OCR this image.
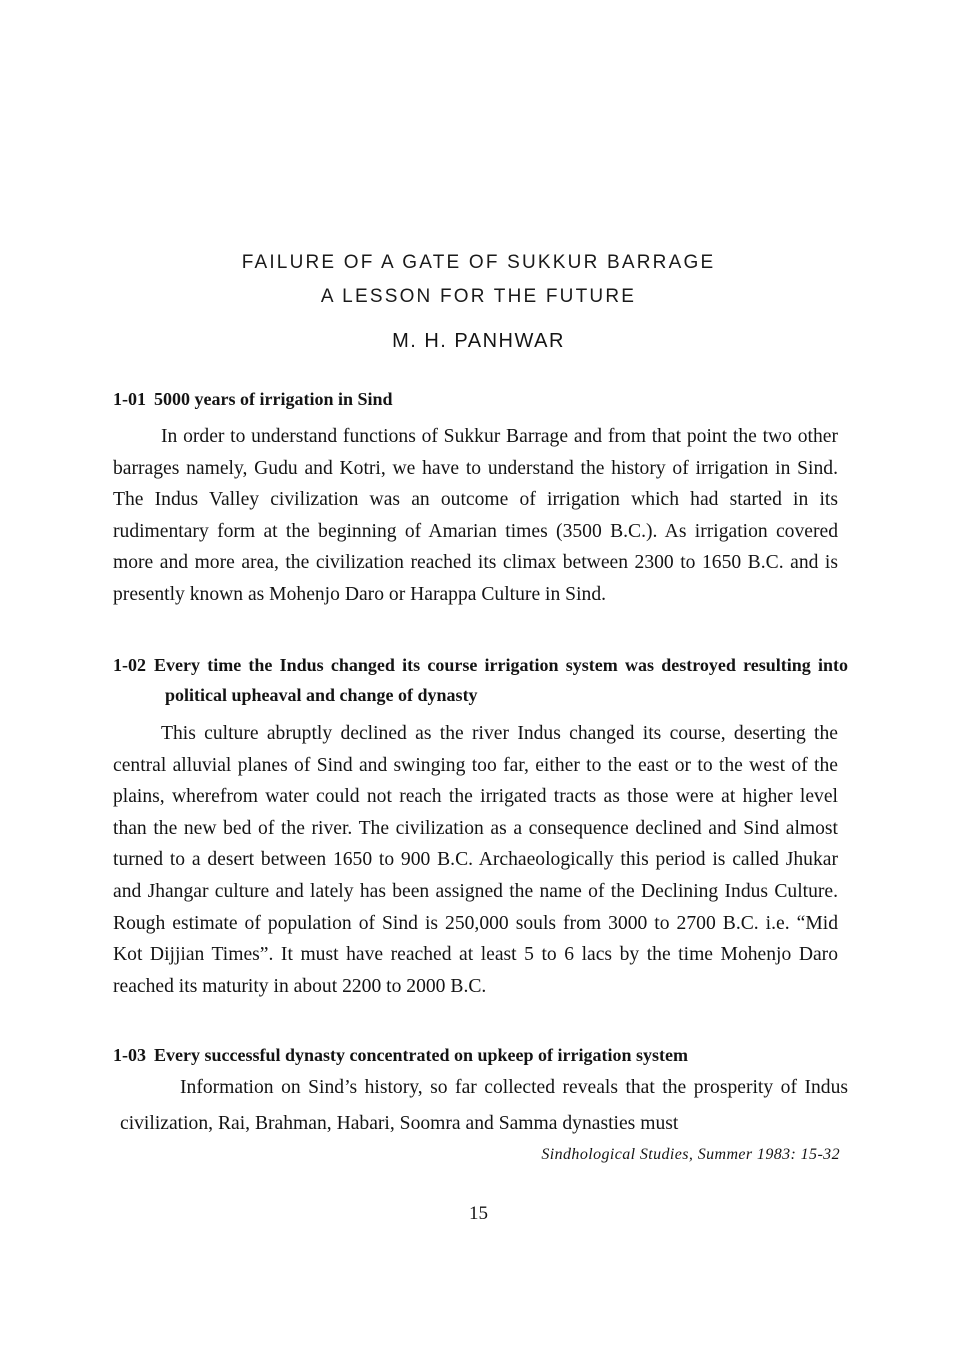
FAILURE OF A GATE OF SUKKUR BARRAGE
A LESSON FOR THE FUTURE
M. H. PANHWAR
1-01 5000 years of irrigation in Sind

In order to understand functions of Sukkur Barrage and from that point the two other barrages namely, Gudu and Kotri, we have to understand the history of irrigation in Sind. The Indus Valley civilization was an outcome of irrigation which had started in its rudimentary form at the beginning of Amarian times (3500 B.C.). As irrigation covered more and more area, the civilization reached its climax between 2300 to 1650 B.C. and is presently known as Mohenjo Daro or Harappa Culture in Sind.

1-02 Every time the Indus changed its course irrigation system was destroyed resulting into political upheaval and change of dynasty

This culture abruptly declined as the river Indus changed its course, deserting the central alluvial planes of Sind and swinging too far, either to the east or to the west of the plains, wherefrom water could not reach the irrigated tracts as those were at higher level than the new bed of the river. The civilization as a consequence declined and Sind almost turned to a desert between 1650 to 900 B.C. Archaeologically this period is called Jhukar and Jhangar culture and lately has been assigned the name of the Declining Indus Culture. Rough estimate of population of Sind is 250,000 souls from 3000 to 2700 B.C. i.e. “Mid Kot Dijjian Times”. It must have reached at least 5 to 6 lacs by the time Mohenjo Daro reached its maturity in about 2200 to 2000 B.C.

1-03 Every successful dynasty concentrated on upkeep of irrigation system

Information on Sind’s history, so far collected reveals that the prosperity of Indus civilization, Rai, Brahman, Habari, Soomra and Samma dynasties must

Sindhological Studies, Summer 1983: 15-32
15
